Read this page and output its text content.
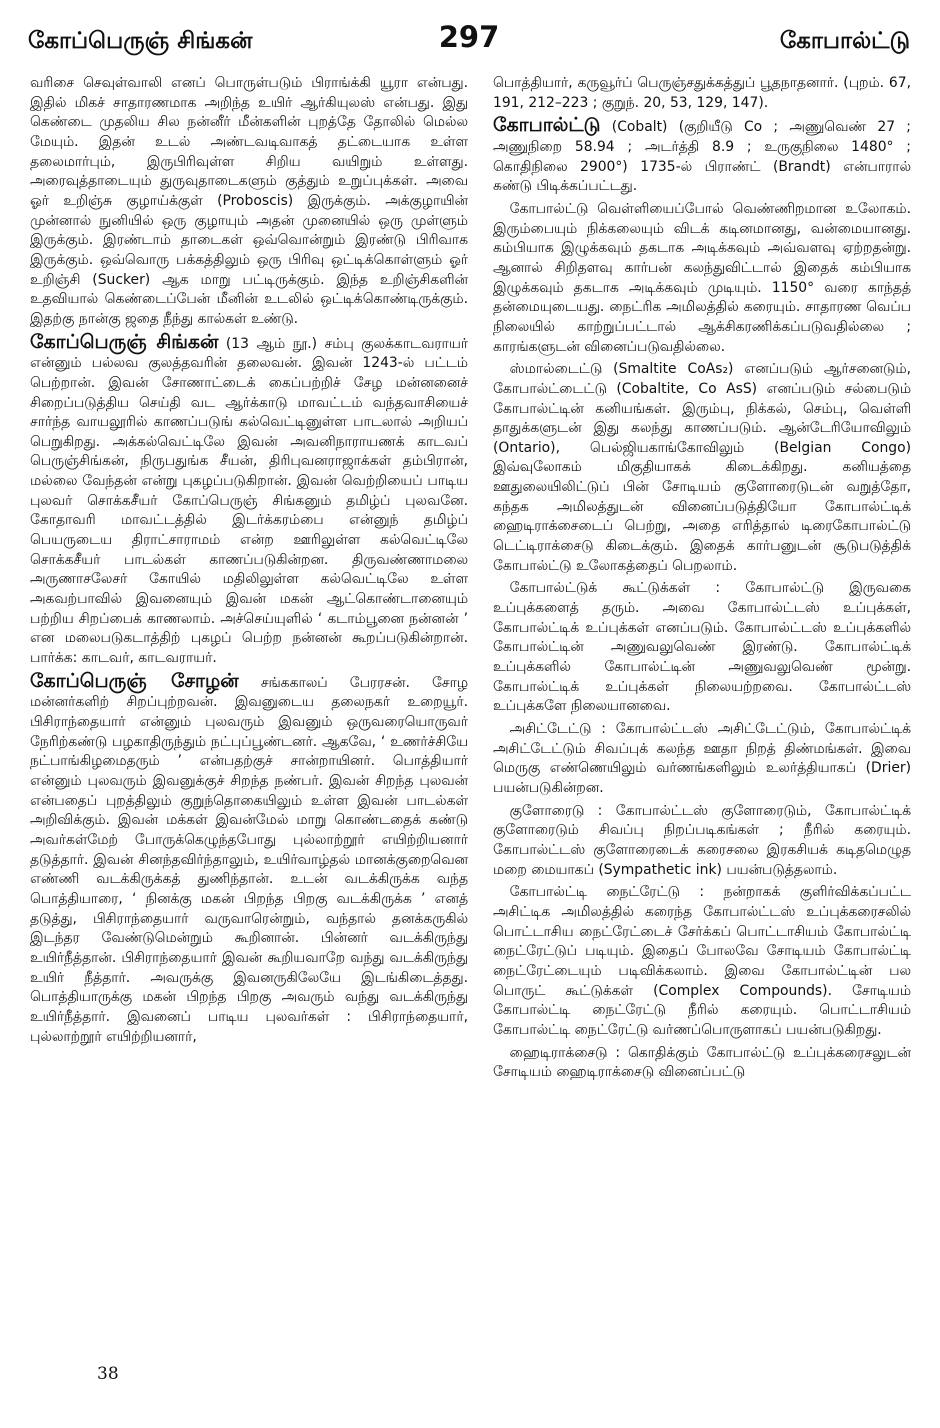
கோப்பெருஞ் சிங்கன்	297	கோபால்ட்டு

வரிசை செவுள்வாலி எனப் பொருள்படும் பிராங்க்கி யூரா என்பது. இதில் மிகச் சாதாரணமாக அறிந்த உயிர் ஆர்கியுலஸ் என்பது. இது கெண்டை முதலிய சில நன்னீர் மீன்களின் புறத்தே தோலில் மெல்ல மேயும். இதன் உடல் அண்டவடிவாகத் தட்டையாக உள்ள தலைமார்பும், இருபிரிவுள்ள சிறிய வயிறும் உள்ளது. அரைவுத்தாடையும் துருவுதாடைகளும் குத்தும் உறுப்புக்கள். அவை ஓர் உறிஞ்சு குழாய்க்குள் (Proboscis) இருக்கும். அக்குழாயின் முன்னால் நுனியில் ஒரு குழாயும் அதன் முனையில் ஒரு முள்ளும் இருக்கும். இரண்டாம் தாடைகள் ஒவ்வொன்றும் இரண்டு பிரிவாக இருக்கும். ஒவ்வொரு பக்கத்திலும் ஒரு பிரிவு ஒட்டிக்கொள்ளும் ஓர் உறிஞ்சி (Sucker) ஆக மாறு பட்டிருக்கும். இந்த உறிஞ்சிகளின் உதவியால் கெண்டைப்பேன் மீனின் உடலில் ஒட்டிக்கொண்டிருக்கும். இதற்கு நான்கு ஜதை நீந்து கால்கள் உண்டு.

கோப்பெருஞ் சிங்கன் (13 ஆம் நூ.) சம்பு குலக்காடவராயர் என்னும் பல்லவ குலத்தவரின் தலைவன். இவன் 1243-ல் பட்டம் பெற்றான். இவன் சோணாட்டைக் கைப்பற்றிச் சேழ மன்னனைச் சிறைப்படுத்திய செய்தி வட ஆர்க்காடு மாவட்டம் வந்தவாசியைச் சார்ந்த வாயலூரில் காணப்படுங் கல்வெட்டினுள்ள பாடலால் அறியப் பெறுகிறது. அக்கல்வெட்டிலே இவன் அவனிநாராயணக் காடவப் பெருஞ்சிங்கன், நிருபதுங்க சீயன், திரிபுவனராஜாக்கள் தம்பிரான், மல்லை வேந்தன் என்று புகழப்படுகிறான். இவன் வெற்றியைப் பாடிய புலவர் சொக்கசீயர் கோப்பெருஞ் சிங்கனும் தமிழ்ப் புலவனே. கோதாவரி மாவட்டத்தில் இடர்க்கரம்பை என்னுந் தமிழ்ப் பெயருடைய திராட்சாராமம் என்ற ஊரிலுள்ள கல்வெட்டிலே சொக்கசீயர் பாடல்கள் காணப்படுகின்றன. திருவண்ணாமலை அருணாசலேசர் கோயில் மதிலிலுள்ள கல்வெட்டிலே உள்ள அகவற்பாவில் இவனையும் இவன் மகன் ஆட்கொண்டானையும் பற்றிய சிறப்பைக் காணலாம். அச்செய்யுளில் ‘ கடாம்பூனை நன்னன் ’ என மலைபடுகடாத்திற் புகழப் பெற்ற நன்னன் கூறப்படுகின்றான். பார்க்க: காடவர், காடவராயர்.

கோப்பெருஞ் சோழன் சங்ககாலப் பேரரசன். சோழ மன்னர்களிற் சிறப்புற்றவன். இவனுடைய தலைநகர் உறையூர். பிசிராந்தையார் என்னும் புலவரும் இவனும் ஒருவரையொருவர் நேரிற்கண்டு பழகாதிருந்தும் நட்புப்பூண்டனர். ஆகவே, ‘ உணர்ச்சியே நட்பாங்கிழமைதரும் ’ என்பதற்குச் சான்றாயினர். பொத்தியார் என்னும் புலவரும் இவனுக்குச் சிறந்த நண்பர். இவன் சிறந்த புலவன் என்பதைப் புறத்திலும் குறுந்தொகையிலும் உள்ள இவன் பாடல்கள் அறிவிக்கும். இவன் மக்கள் இவன்மேல் மாறு கொண்டதைக் கண்டு அவர்கள்மேற் போருக்கெழுந்தபோது புல்லாற்றூர் எயிற்றியனார் தடுத்தார். இவன் சினந்தவிர்ந்தாலும், உயிர்வாழ்தல் மானக்குறைவென எண்ணி வடக்கிருக்கத் துணிந்தான். உடன் வடக்கிருக்க வந்த பொத்தியாரை, ‘ நினக்கு மகன் பிறந்த பிறகு வடக்கிருக்க ’ எனத் தடுத்து, பிசிராந்தையார் வருவாரென்றும், வந்தால் தனக்கருகில் இடந்தர வேண்டுமென்றும் கூறினான். பின்னர் வடக்கிருந்து உயிர்நீத்தான். பிசிராந்தையார் இவன் கூறியவாறே வந்து வடக்கிருந்து உயிர் நீத்தார். அவருக்கு இவனருகிலேயே இடங்கிடைத்தது. பொத்தியாருக்கு மகன் பிறந்த பிறகு அவரும் வந்து வடக்கிருந்து உயிர்நீத்தார். இவனைப் பாடிய புலவர்கள் : பிசிராந்தையார், புல்லாற்றூர் எயிற்றியனார்,

பொத்தியார், கருவூர்ப் பெருஞ்சதுக்கத்துப் பூதநாதனார். (புறம். 67, 191, 212–223 ; குறுந். 20, 53, 129, 147).

கோபால்ட்டு (Cobalt) (குறியீடு Co ; அணுவெண் 27 ; அணுநிறை 58.94 ; அடர்த்தி 8.9 ; உருகுநிலை 1480° ; கொதிநிலை 2900°) 1735-ல் பிராண்ட் (Brandt) என்பாரால் கண்டு பிடிக்கப்பட்டது.

கோபால்ட்டு வெள்ளியைப்போல் வெண்ணிறமான உலோகம். இரும்பையும் நிக்கலையும் விடக் கடினமானது, வன்மையானது. கம்பியாக இழுக்கவும் தகடாக அடிக்கவும் அவ்வளவு ஏற்றதன்று. ஆனால் சிறிதளவு கார்பன் கலந்துவிட்டால் இதைக் கம்பியாக இழுக்கவும் தகடாக அடிக்கவும் முடியும். 1150° வரை காந்தத் தன்மையுடையது. நைட்ரிக அமிலத்தில் கரையும். சாதாரண வெப்ப நிலையில் காற்றுப்பட்டால் ஆக்சிகரணிக்கப்படுவதில்லை ; காரங்களுடன் வினைப்படுவதில்லை.

ஸ்மால்டைட்டு (Smaltite CoAs₂) எனப்படும் ஆர்சனைடும், கோபால்ட்டைட்டு (Cobaltite, Co AsS) எனப்படும் சல்பைடும் கோபால்ட்டின் கனியங்கள். இரும்பு, நிக்கல், செம்பு, வெள்ளி தாதுக்களுடன் இது கலந்து காணப்படும். ஆன்டேரியோவிலும் (Ontario), பெல்ஜியகாங்கோவிலும் (Belgian Congo) இவ்வுலோகம் மிகுதியாகக் கிடைக்கிறது. கனியத்தை ஊதுலையிலிட்டுப் பின் சோடியம் குளோரைடுடன் வறுத்தோ, கந்தக அமிலத்துடன் வினைப்படுத்தியோ கோபால்ட்டிக் ஹைடிராக்சைடைப் பெற்று, அதை எரித்தால் டிரைகோபால்ட்டு டெட்டிராக்சைடு கிடைக்கும். இதைக் கார்பனுடன் சூடுபடுத்திக் கோபால்ட்டு உலோகத்தைப் பெறலாம்.

கோபால்ட்டுக் கூட்டுக்கள் : கோபால்ட்டு இருவகை உப்புக்களைத் தரும். அவை கோபால்ட்டஸ் உப்புக்கள், கோபால்ட்டிக் உப்புக்கள் எனப்படும். கோபால்ட்டஸ் உப்புக்களில் கோபால்ட்டின் அணுவலுவெண் இரண்டு. கோபால்ட்டிக் உப்புக்களில் கோபால்ட்டின் அணுவலுவெண் மூன்று. கோபால்ட்டிக் உப்புக்கள் நிலையற்றவை. கோபால்ட்டஸ் உப்புக்களே நிலையானவை.

அசிட்டேட்டு : கோபால்ட்டஸ் அசிட்டேட்டும், கோபால்ட்டிக் அசிட்டேட்டும் சிவப்புக் கலந்த ஊதா நிறத் திண்மங்கள். இவை மெருகு எண்ணெயிலும் வர்ணங்களிலும் உலர்த்தியாகப் (Drier) பயன்படுகின்றன.

குளோரைடு : கோபால்ட்டஸ் குளோரைடும், கோபால்ட்டிக் குளோரைடும் சிவப்பு நிறப்படிகங்கள் ; நீரில் கரையும். கோபால்ட்டஸ் குளோரைடைக் கரைசலை இரகசியக் கடிதமெழுத மறை மையாகப் (Sympathetic ink) பயன்படுத்தலாம்.

கோபால்ட்டி நைட்ரேட்டு : நன்றாகக் குளிர்விக்கப்பட்ட அசிட்டிக அமிலத்தில் கரைந்த கோபால்ட்டஸ் உப்புக்கரைசலில் பொட்டாசிய நைட்ரேட்டைச் சேர்க்கப் பொட்டாசியம் கோபால்ட்டி நைட்ரேட்டுப் படியும். இதைப் போலவே சோடியம் கோபால்ட்டி நைட்ரேட்டையும் படிவிக்கலாம். இவை கோபால்ட்டின் பல பொருட் கூட்டுக்கள் (Complex Compounds). சோடியம் கோபால்ட்டி நைட்ரேட்டு நீரில் கரையும். பொட்டாசியம் கோபால்ட்டி நைட்ரேட்டு வர்ணப்பொருளாகப் பயன்படுகிறது.

ஹைடிராக்சைடு : கொதிக்கும் கோபால்ட்டு உப்புக்கரைசலுடன் சோடியம் ஹைடிராக்சைடு வினைப்பட்டு

38
